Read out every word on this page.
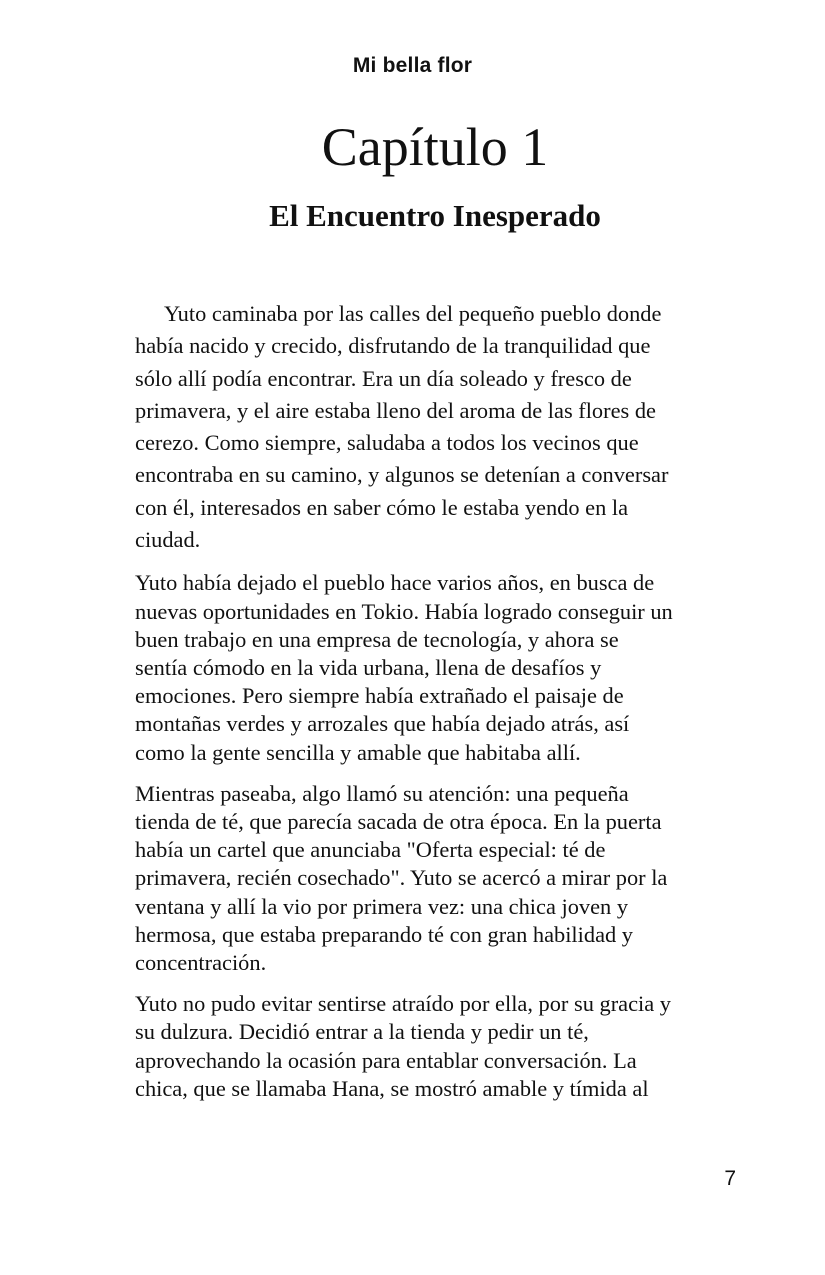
Mi bella flor
Capítulo 1
El Encuentro Inesperado

Yuto caminaba por las calles del pequeño pueblo donde
había nacido y crecido, disfrutando de la tranquilidad que
sólo allí podía encontrar. Era un día soleado y fresco de
primavera, y el aire estaba lleno del aroma de las flores de
cerezo. Como siempre, saludaba a todos los vecinos que
encontraba en su camino, y algunos se detenían a conversar
con él, interesados en saber cómo le estaba yendo en la
ciudad.

Yuto había dejado el pueblo hace varios años, en busca de
nuevas oportunidades en Tokio. Había logrado conseguir un
buen trabajo en una empresa de tecnología, y ahora se
sentía cómodo en la vida urbana, llena de desafíos y
emociones. Pero siempre había extrañado el paisaje de
montañas verdes y arrozales que había dejado atrás, así
como la gente sencilla y amable que habitaba allí.

Mientras paseaba, algo llamó su atención: una pequeña
tienda de té, que parecía sacada de otra época. En la puerta
había un cartel que anunciaba "Oferta especial: té de
primavera, recién cosechado". Yuto se acercó a mirar por la
ventana y allí la vio por primera vez: una chica joven y
hermosa, que estaba preparando té con gran habilidad y
concentración.

Yuto no pudo evitar sentirse atraído por ella, por su gracia y
su dulzura. Decidió entrar a la tienda y pedir un té,
aprovechando la ocasión para entablar conversación. La
chica, que se llamaba Hana, se mostró amable y tímida al

7
